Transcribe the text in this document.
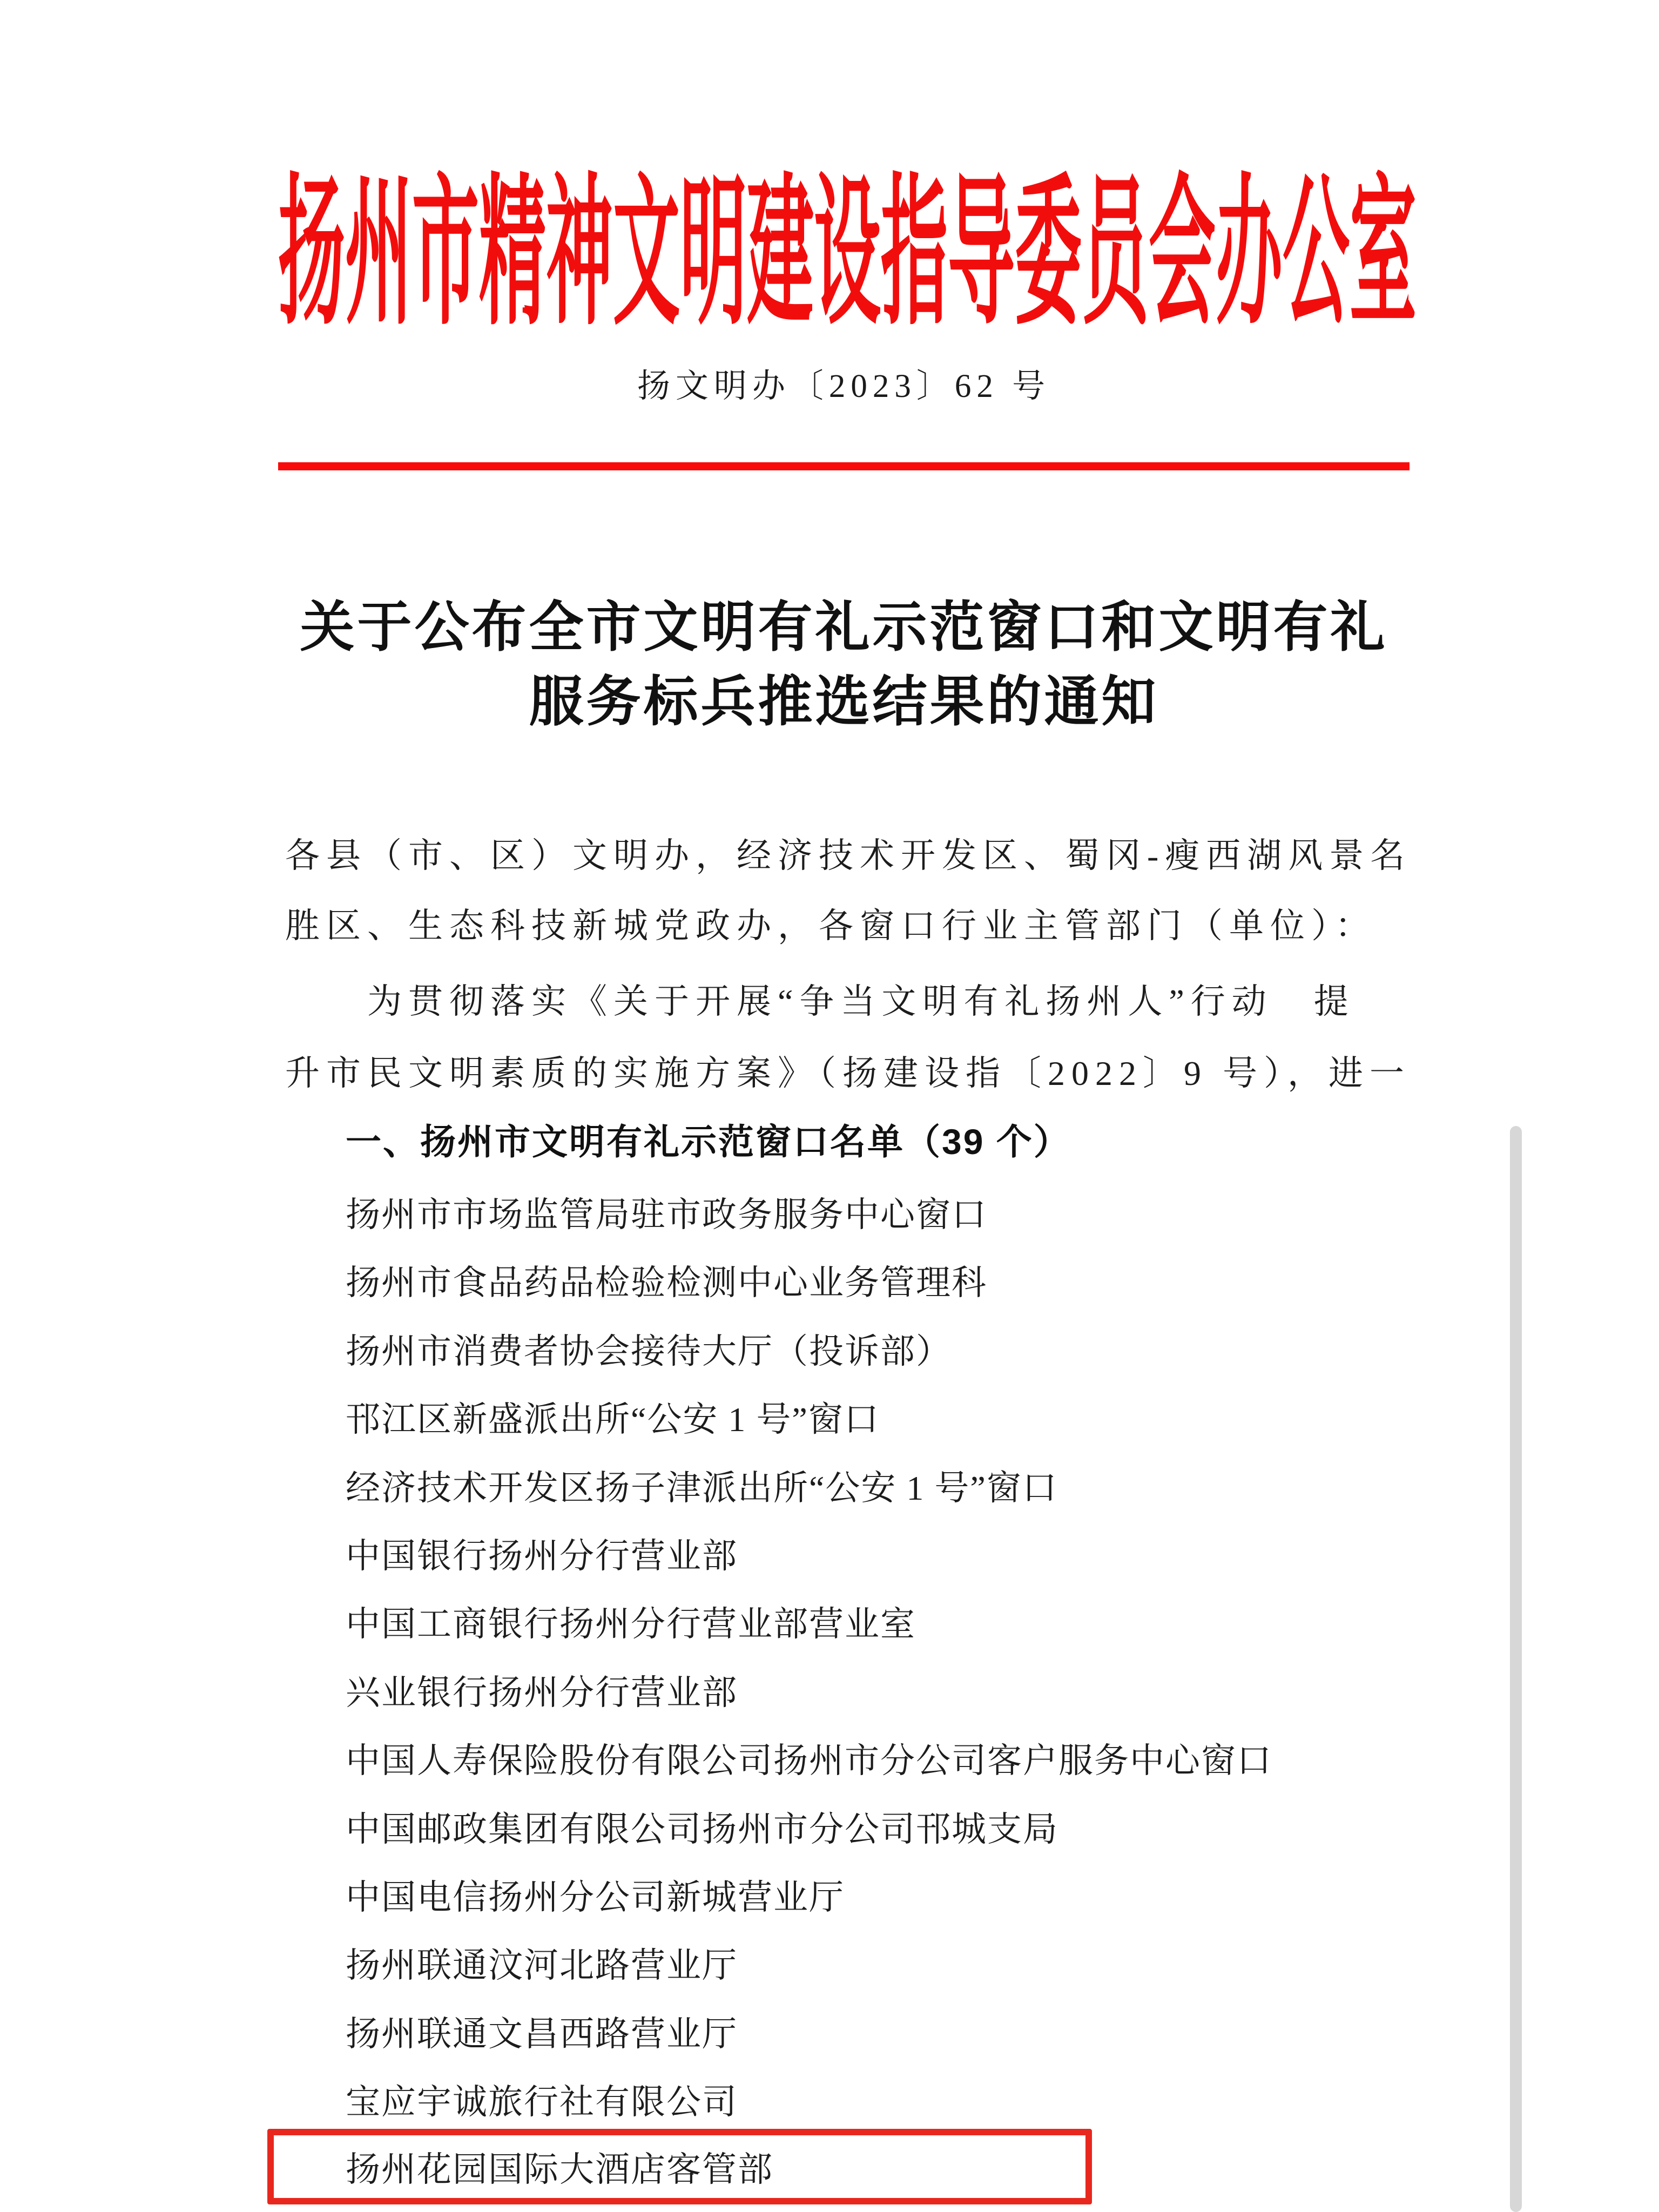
扬州市精神文明建设指导委员会办公室
扬文明办〔2023〕62 号
关于公布全市文明有礼示范窗口和文明有礼
服务标兵推选结果的通知
各县（市、区）文明办，经济技术开发区、蜀冈-瘦西湖风景名
胜区、生态科技新城党政办，各窗口行业主管部门（单位）：
为贯彻落实《关于开展“争当文明有礼扬州人”行动　提
升市民文明素质的实施方案》（扬建设指〔2022〕9 号），进一
一、扬州市文明有礼示范窗口名单（39 个）
扬州市市场监管局驻市政务服务中心窗口
扬州市食品药品检验检测中心业务管理科
扬州市消费者协会接待大厅（投诉部）
邗江区新盛派出所“公安 1 号”窗口
经济技术开发区扬子津派出所“公安 1 号”窗口
中国银行扬州分行营业部
中国工商银行扬州分行营业部营业室
兴业银行扬州分行营业部
中国人寿保险股份有限公司扬州市分公司客户服务中心窗口
中国邮政集团有限公司扬州市分公司邗城支局
中国电信扬州分公司新城营业厅
扬州联通汶河北路营业厅
扬州联通文昌西路营业厅
宝应宇诚旅行社有限公司
扬州花园国际大酒店客管部
